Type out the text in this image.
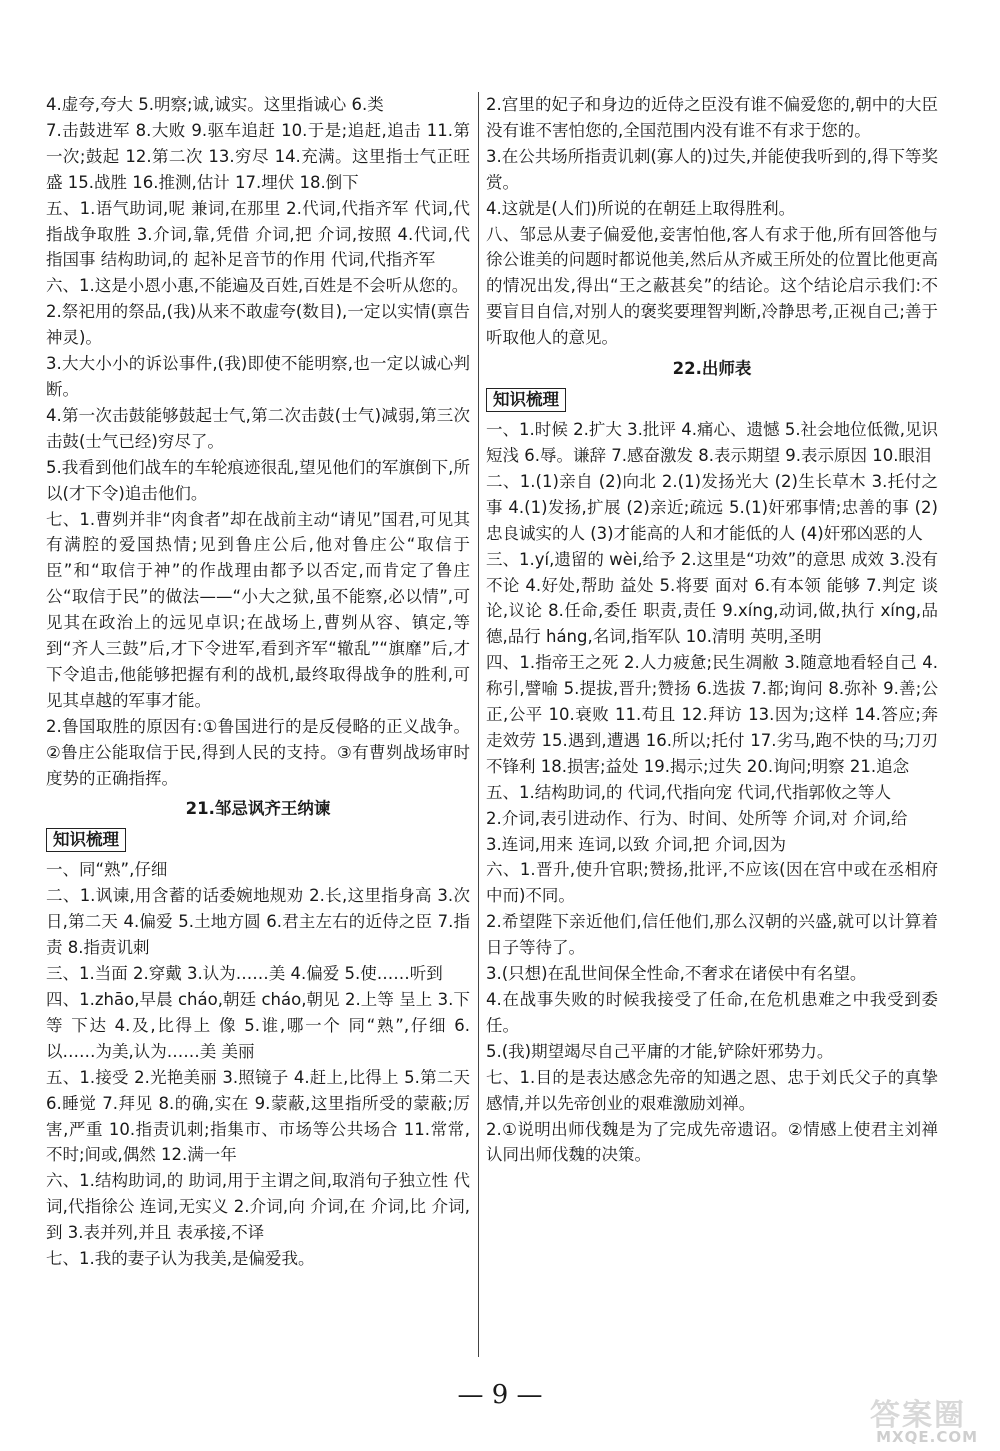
4.虚夸,夸大 5.明察;诚,诚实。这里指诚心 6.类

7.击鼓进军 8.大败 9.驱车追赶 10.于是;追赶,追击 11.第一次;鼓起 12.第二次 13.穷尽 14.充满。这里指士气正旺盛 15.战胜 16.推测,估计 17.埋伏 18.倒下

五、1.语气助词,呢 兼词,在那里 2.代词,代指齐军 代词,代指战争取胜 3.介词,靠,凭借 介词,把 介词,按照 4.代词,代指国事 结构助词,的 起补足音节的作用 代词,代指齐军

六、1.这是小恩小惠,不能遍及百姓,百姓是不会听从您的。

2.祭祀用的祭品,(我)从来不敢虚夸(数目),一定以实情(禀告神灵)。

3.大大小小的诉讼事件,(我)即使不能明察,也一定以诚心判断。

4.第一次击鼓能够鼓起士气,第二次击鼓(士气)减弱,第三次击鼓(士气已经)穷尽了。

5.我看到他们战车的车轮痕迹很乱,望见他们的军旗倒下,所以(才下令)追击他们。

七、1.曹刿并非“肉食者”却在战前主动“请见”国君,可见其有满腔的爱国热情;见到鲁庄公后,他对鲁庄公“取信于臣”和“取信于神”的作战理由都予以否定,而肯定了鲁庄公“取信于民”的做法——“小大之狱,虽不能察,必以情”,可见其在政治上的远见卓识;在战场上,曹刿从容、镇定,等到“齐人三鼓”后,才下令进军,看到齐军“辙乱”“旗靡”后,才下令追击,他能够把握有利的战机,最终取得战争的胜利,可见其卓越的军事才能。

2.鲁国取胜的原因有:①鲁国进行的是反侵略的正义战争。②鲁庄公能取信于民,得到人民的支持。③有曹刿战场审时度势的正确指挥。

21.邹忌讽齐王纳谏

知识梳理

一、同“熟”,仔细

二、1.讽谏,用含蓄的话委婉地规劝 2.长,这里指身高 3.次日,第二天 4.偏爱 5.土地方圆 6.君主左右的近侍之臣 7.指责 8.指责讥刺

三、1.当面 2.穿戴 3.认为……美 4.偏爱 5.使……听到

四、1.zhāo,早晨 cháo,朝廷 cháo,朝见 2.上等 呈上 3.下等 下达 4.及,比得上 像 5.谁,哪一个 同“熟”,仔细 6.以……为美,认为……美 美丽

五、1.接受 2.光艳美丽 3.照镜子 4.赶上,比得上 5.第二天 6.睡觉 7.拜见 8.的确,实在 9.蒙蔽,这里指所受的蒙蔽;厉害,严重 10.指责讥刺;指集市、市场等公共场合 11.常常,不时;间或,偶然 12.满一年

六、1.结构助词,的 助词,用于主谓之间,取消句子独立性 代词,代指徐公 连词,无实义 2.介词,向 介词,在 介词,比 介词,到 3.表并列,并且 表承接,不译

七、1.我的妻子认为我美,是偏爱我。

2.宫里的妃子和身边的近侍之臣没有谁不偏爱您的,朝中的大臣没有谁不害怕您的,全国范围内没有谁不有求于您的。

3.在公共场所指责讥刺(寡人的)过失,并能使我听到的,得下等奖赏。

4.这就是(人们)所说的在朝廷上取得胜利。

八、邹忌从妻子偏爱他,妾害怕他,客人有求于他,所有回答他与徐公谁美的问题时都说他美,然后从齐威王所处的位置比他更高的情况出发,得出“王之蔽甚矣”的结论。这个结论启示我们:不要盲目自信,对别人的褒奖要理智判断,冷静思考,正视自己;善于听取他人的意见。

22.出师表

知识梳理

一、1.时候 2.扩大 3.批评 4.痛心、遗憾 5.社会地位低微,见识短浅 6.辱。谦辞 7.感奋激发 8.表示期望 9.表示原因 10.眼泪

二、1.(1)亲自 (2)向北 2.(1)发扬光大 (2)生长草木 3.托付之事 4.(1)发扬,扩展 (2)亲近;疏远 5.(1)奸邪事情;忠善的事 (2)忠良诚实的人 (3)才能高的人和才能低的人 (4)奸邪凶恶的人

三、1.yí,遗留的 wèi,给予 2.这里是“功效”的意思 成效 3.没有 不论 4.好处,帮助 益处 5.将要 面对 6.有本领 能够 7.判定 谈论,议论 8.任命,委任 职责,责任 9.xíng,动词,做,执行 xíng,品德,品行 háng,名词,指军队 10.清明 英明,圣明

四、1.指帝王之死 2.人力疲惫;民生凋敝 3.随意地看轻自己 4.称引,譬喻 5.提拔,晋升;赞扬 6.选拔 7.都;询问 8.弥补 9.善;公正,公平 10.衰败 11.苟且 12.拜访 13.因为;这样 14.答应;奔走效劳 15.遇到,遭遇 16.所以;托付 17.劣马,跑不快的马;刀刃不锋利 18.损害;益处 19.揭示;过失 20.询问;明察 21.追念

五、1.结构助词,的 代词,代指向宠 代词,代指郭攸之等人

2.介词,表引进动作、行为、时间、处所等 介词,对 介词,给

3.连词,用来 连词,以致 介词,把 介词,因为

六、1.晋升,使升官职;赞扬,批评,不应该(因在宫中或在丞相府中而)不同。

2.希望陛下亲近他们,信任他们,那么汉朝的兴盛,就可以计算着日子等待了。

3.(只想)在乱世间保全性命,不奢求在诸侯中有名望。

4.在战事失败的时候我接受了任命,在危机患难之中我受到委任。

5.(我)期望竭尽自己平庸的才能,铲除奸邪势力。

七、1.目的是表达感念先帝的知遇之恩、忠于刘氏父子的真挚感情,并以先帝创业的艰难激励刘禅。

2.①说明出师伐魏是为了完成先帝遗诏。②情感上使君主刘禅认同出师伐魏的决策。

— 9 —
答案圈
MXQE.COM
